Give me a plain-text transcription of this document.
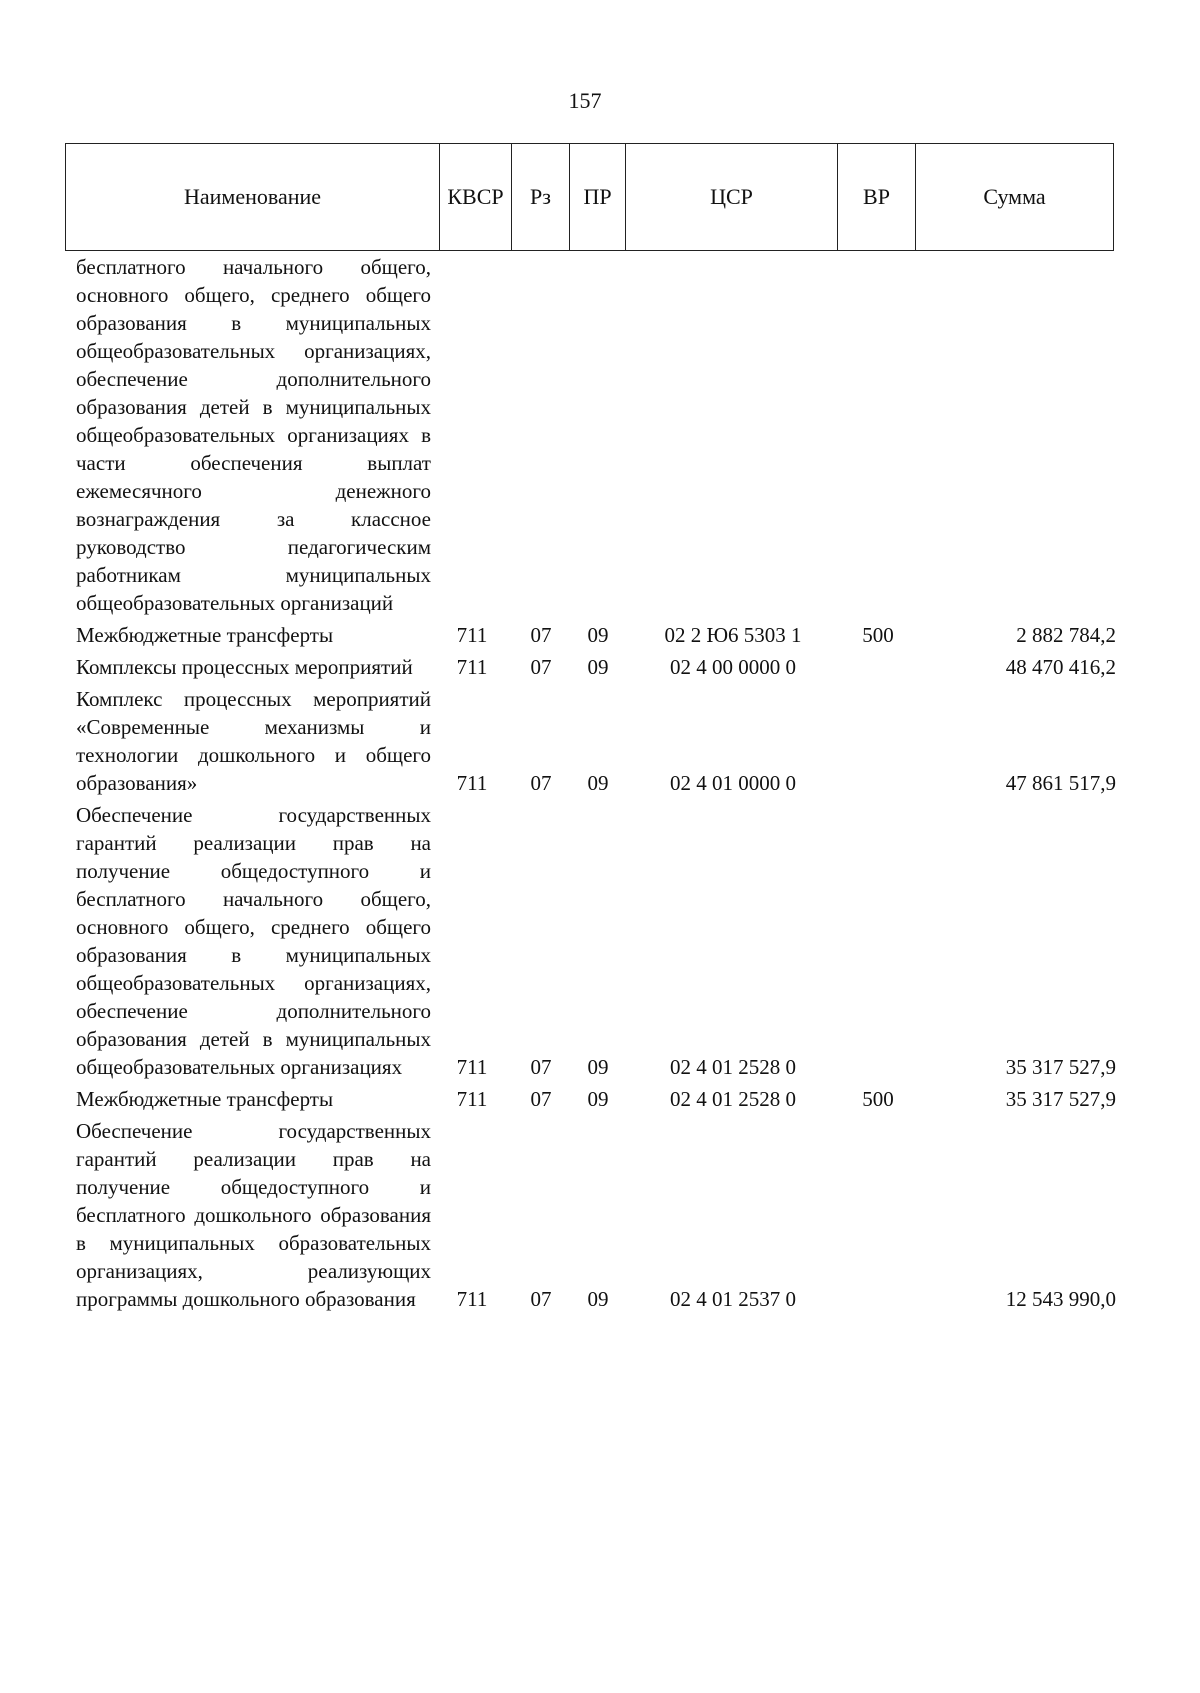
157
Наименование	КВСР	Рз	ПР	ЦСР	ВР	Сумма
бесплатного начального общего, основного общего, среднего общего образования в муниципальных общеобразовательных организациях, обеспечение дополнительного образования детей в муниципальных общеобразовательных организациях в части обеспечения выплат ежемесячного денежного вознаграждения за классное руководство педагогическим работникам муниципальных общеобразовательных организаций						
Межбюджетные трансферты	711	07	09	02 2 Ю6 5303 1	500	2 882 784,2
Комплексы процессных мероприятий	711	07	09	02 4 00 0000 0		48 470 416,2
Комплекс процессных мероприятий «Современные механизмы и технологии дошкольного и общего образования»	711	07	09	02 4 01 0000 0		47 861 517,9
Обеспечение государственных гарантий реализации прав на получение общедоступного и бесплатного начального общего, основного общего, среднего общего образования в муниципальных общеобразовательных организациях, обеспечение дополнительного образования детей в муниципальных общеобразовательных организациях	711	07	09	02 4 01 2528 0		35 317 527,9
Межбюджетные трансферты	711	07	09	02 4 01 2528 0	500	35 317 527,9
Обеспечение государственных гарантий реализации прав на получение общедоступного и бесплатного дошкольного образования в муниципальных образовательных организациях, реализующих программы дошкольного образования	711	07	09	02 4 01 2537 0		12 543 990,0
